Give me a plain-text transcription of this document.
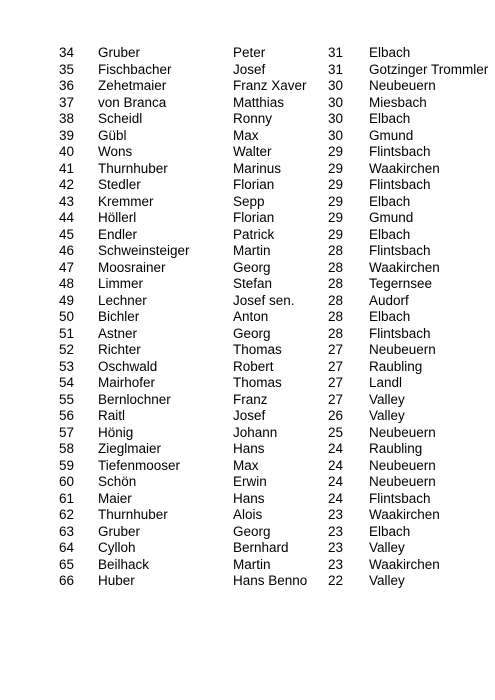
34 Gruber	Peter	31 Elbach
35 Fischbacher	Josef	31 Gotzinger Trommler
36 Zehetmaier	Franz Xaver 30 Neubeuern
37 von Branca	Matthias	30 Miesbach
38 Scheidl	Ronny	30 Elbach
39 Gübl	Max	30 Gmund
40 Wons	Walter	29 Flintsbach
41 Thurnhuber	Marinus	29 Waakirchen
42 Stedler	Florian	29 Flintsbach
43 Kremmer	Sepp	29 Elbach
44 Höllerl	Florian	29 Gmund
45 Endler	Patrick	29 Elbach
46 Schweinsteiger	Martin	28 Flintsbach
47 Moosrainer	Georg	28 Waakirchen
48 Limmer	Stefan	28 Tegernsee
49 Lechner	Josef sen. 28 Audorf
50 Bichler	Anton	28 Elbach
51 Astner	Georg	28 Flintsbach
52 Richter	Thomas	27 Neubeuern
53 Oschwald	Robert	27 Raubling
54 Mairhofer	Thomas	27 Landl
55 Bernlochner	Franz	27 Valley
56 Raitl	Josef	26 Valley
57 Hönig	Johann	25 Neubeuern
58 Zieglmaier	Hans	24 Raubling
59 Tiefenmooser	Max	24 Neubeuern
60 Schön	Erwin	24 Neubeuern
61 Maier	Hans	24 Flintsbach
62 Thurnhuber	Alois	23 Waakirchen
63 Gruber	Georg	23 Elbach
64 Cylloh	Bernhard	23 Valley
65 Beilhack	Martin	23 Waakirchen
66 Huber	Hans Benno 22 Valley
